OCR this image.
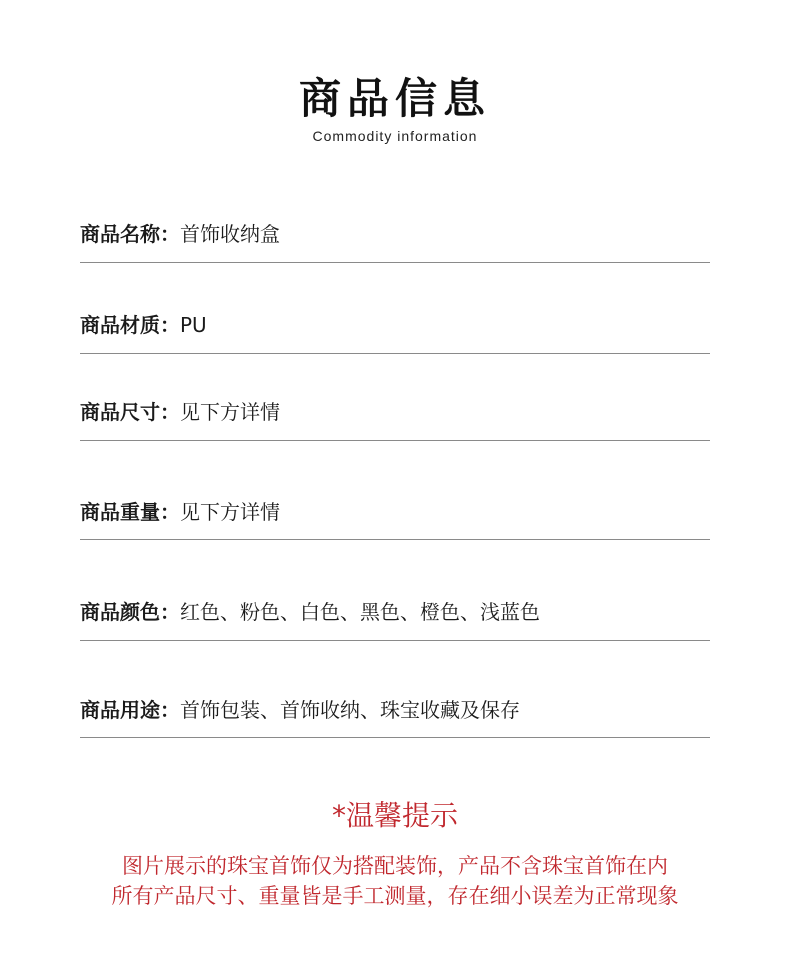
商品信息
Commodity information
商品名称：首饰收纳盒
商品材质：PU
商品尺寸：见下方详情
商品重量：见下方详情
商品颜色：红色、粉色、白色、黑色、橙色、浅蓝色
商品用途：首饰包装、首饰收纳、珠宝收藏及保存
*温馨提示
图片展示的珠宝首饰仅为搭配装饰，产品不含珠宝首饰在内
所有产品尺寸、重量皆是手工测量，存在细小误差为正常现象
